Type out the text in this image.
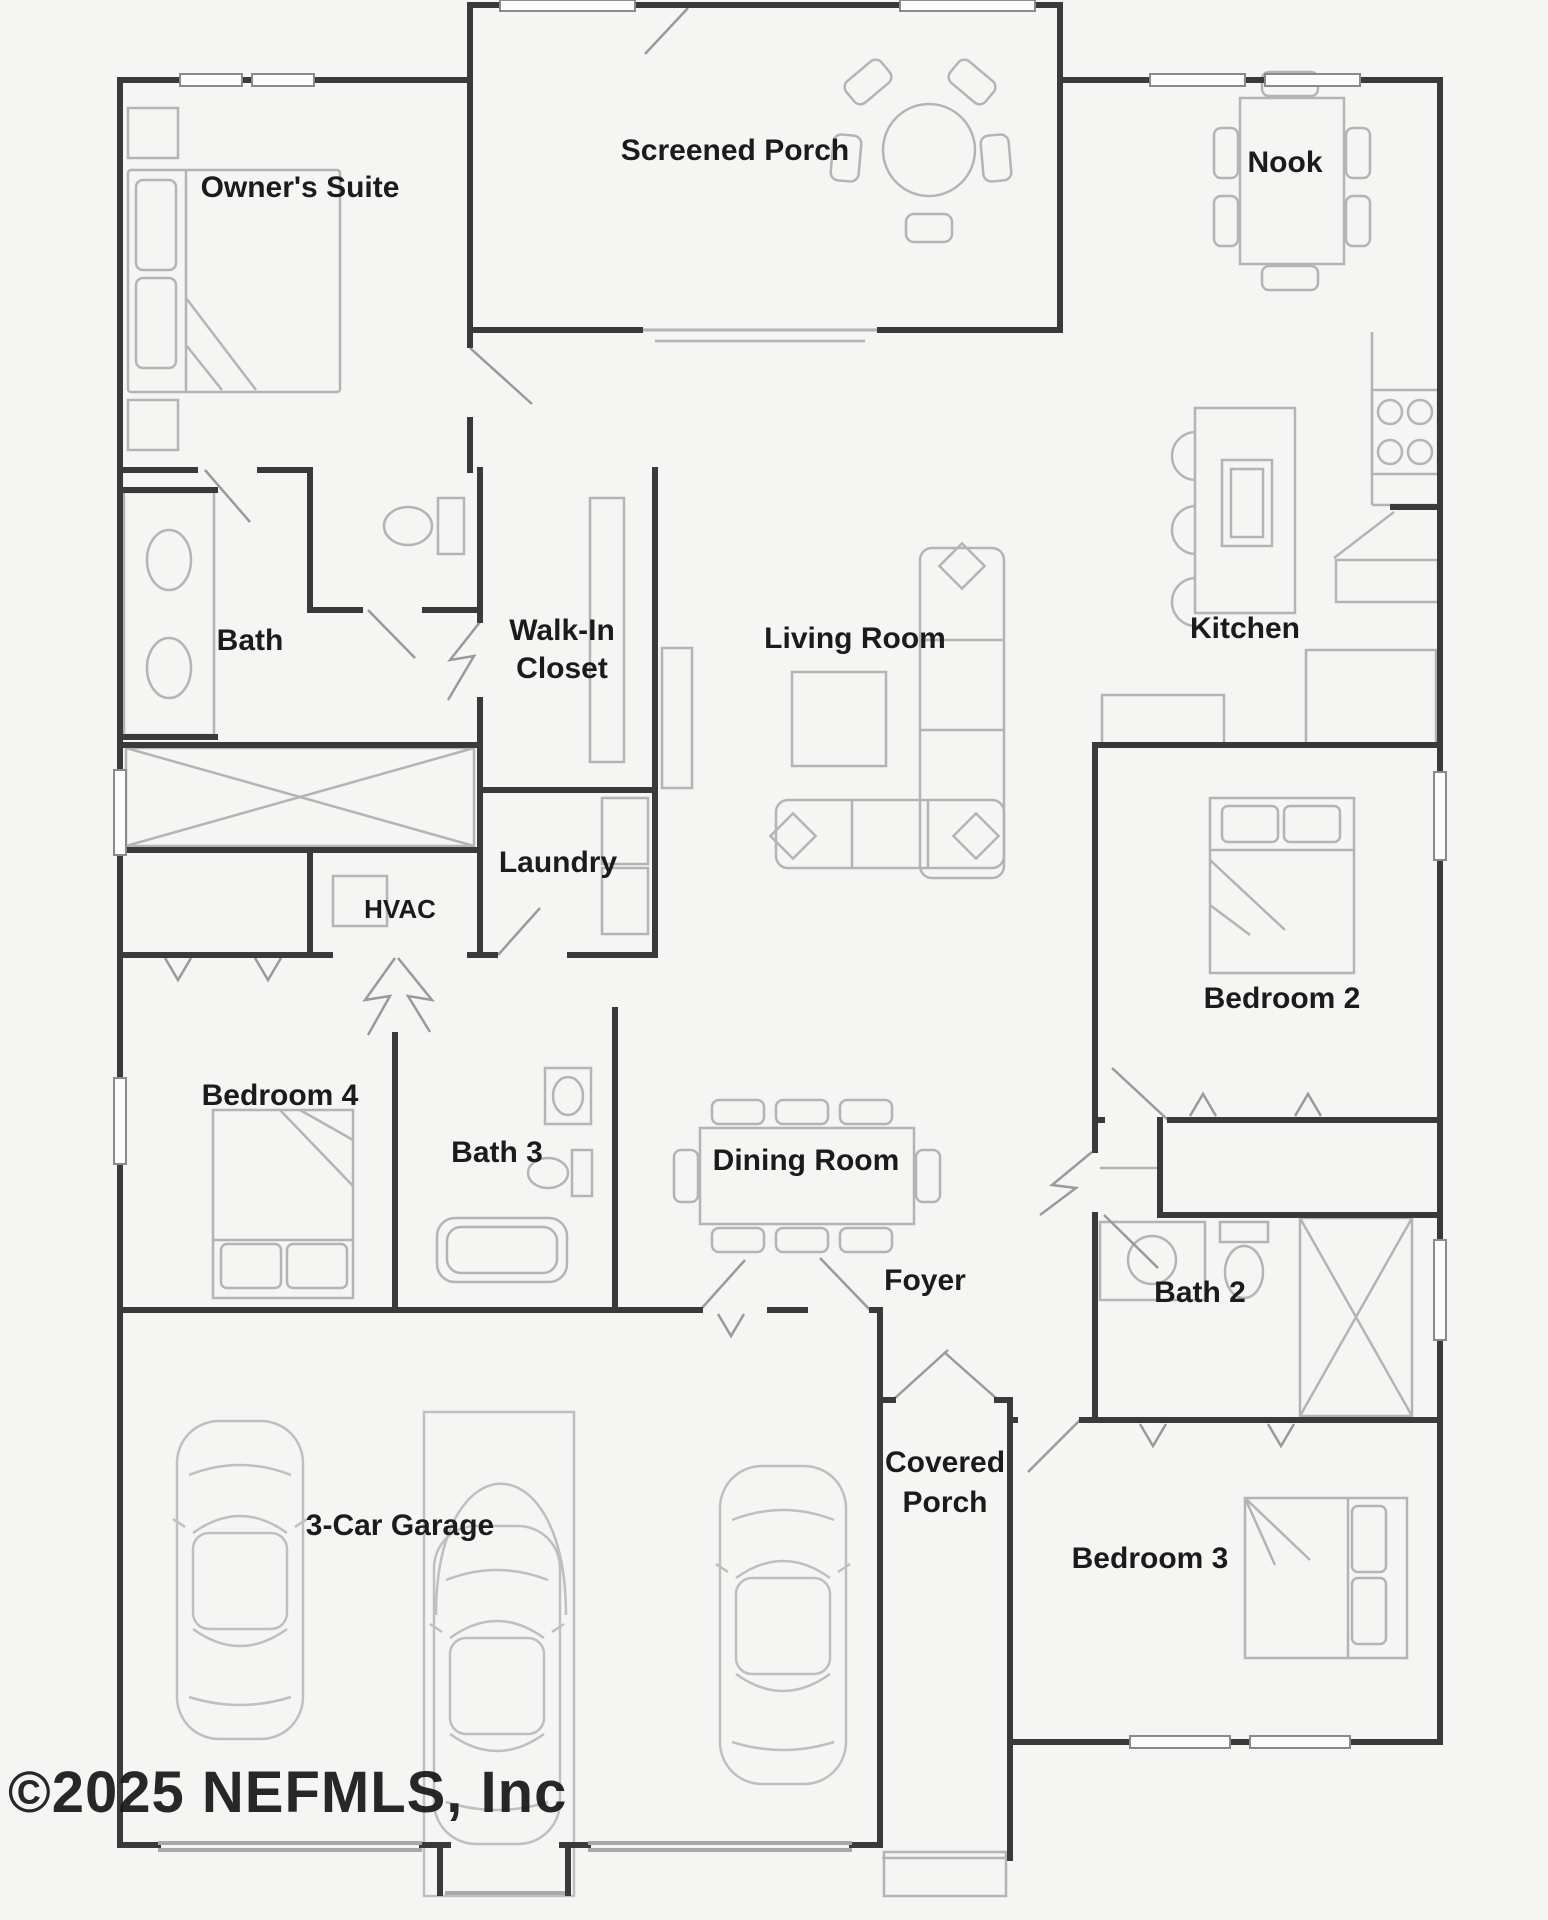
Owner's Suite
Screened Porch	Nook
Bath	Walk-In
Closet
Living Room	Kitchen
Laundry
HVAC
Bedroom 2
Bedroom 4
Bath 3	Dining Room
Foyer	Bath 2
Covered
Porch
Bedroom 3
3-Car Garage
©2025 NEFMLS, Inc
